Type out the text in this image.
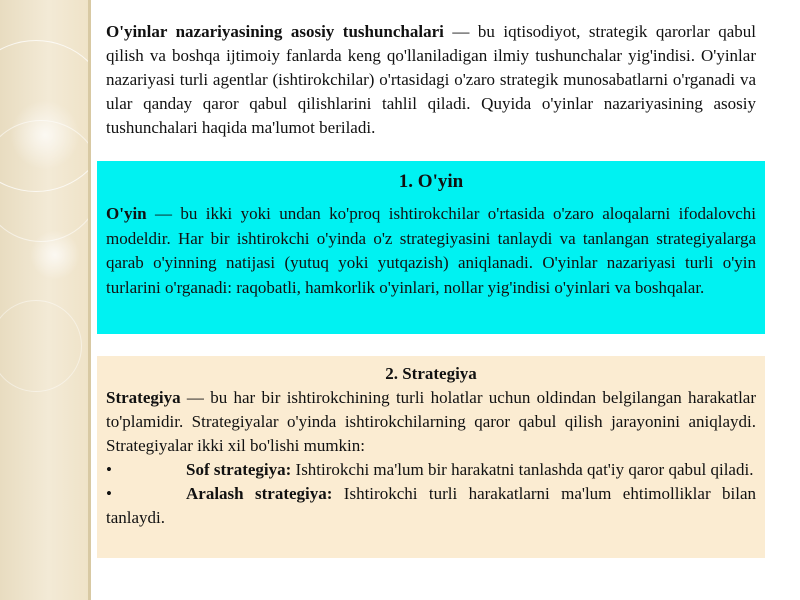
O'yinlar nazariyasining asosiy tushunchalari — bu iqtisodiyot, strategik qarorlar qabul qilish va boshqa ijtimoiy fanlarda keng qo'llaniladigan ilmiy tushunchalar yig'indisi. O'yinlar nazariyasi turli agentlar (ishtirokchilar) o'rtasidagi o'zaro strategik munosabatlarni o'rganadi va ular qanday qaror qabul qilishlarini tahlil qiladi. Quyida o'yinlar nazariyasining asosiy tushunchalari haqida ma'lumot beriladi.
1. O'yin

O'yin — bu ikki yoki undan ko'proq ishtirokchilar o'rtasida o'zaro aloqalarni ifodalovchi modeldir. Har bir ishtirokchi o'yinda o'z strategiyasini tanlaydi va tanlangan strategiyalarga qarab o'yinning natijasi (yutuq yoki yutqazish) aniqlanadi. O'yinlar nazariyasi turli o'yin turlarini o'rganadi: raqobatli, hamkorlik o'yinlari, nollar yig'indisi o'yinlari va boshqalar.

2. Strategiya

Strategiya — bu har bir ishtirokchining turli holatlar uchun oldindan belgilangan harakatlar to'plamidir. Strategiyalar o'yinda ishtirokchilarning qaror qabul qilish jarayonini aniqlaydi. Strategiyalar ikki xil bo'lishi mumkin:

•	Sof strategiya: Ishtirokchi ma'lum bir harakatni tanlashda qat'iy qaror qabul qiladi.
•	Aralash strategiya: Ishtirokchi turli harakatlarni ma'lum ehtimolliklar bilan tanlaydi.
